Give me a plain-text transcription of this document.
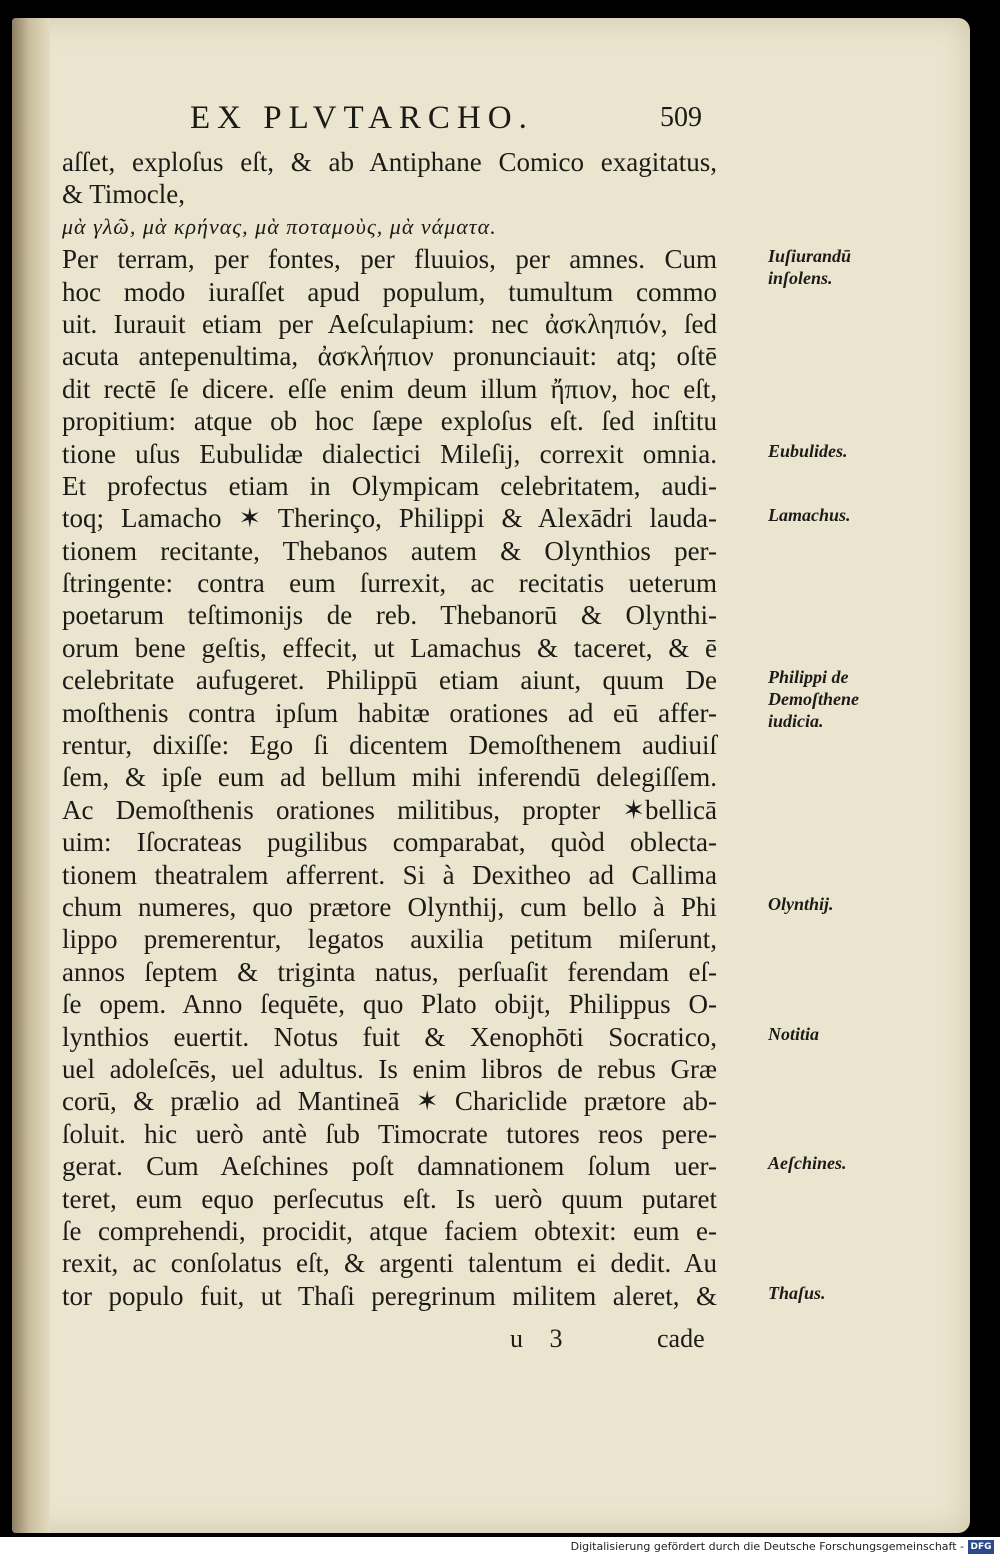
EX PLVTARCHO.	509
aſſet, exploſus eſt, & ab Antiphane Comico exagitatus,
& Timocle,
μὰ γλῶ, μὰ κρήνας, μὰ ποταμοὺς, μὰ νάματα.
Per terram, per fontes, per fluuios, per amnes. Cum
hoc modo iuraſſet apud populum, tumultum commo
uit. Iurauit etiam per Aeſculapium: nec ἀσκληπιόν, ſed
acuta antepenultima, ἀσκλήπιον pronunciauit: atq; oſtē
dit rectē ſe dicere. eſſe enim deum illum ἤπιον, hoc eſt,
propitium: atque ob hoc ſæpe exploſus eſt. ſed inſtitu
tione uſus Eubulidæ dialectici Mileſij, correxit omnia.
Et profectus etiam in Olympicam celebritatem, audi-
toq; Lamacho ✶ Therinço, Philippi & Alexādri lauda-
tionem recitante, Thebanos autem & Olynthios per-
ſtringente: contra eum ſurrexit, ac recitatis ueterum
poetarum teſtimonijs de reb. Thebanorū & Olynthi-
orum bene geſtis, effecit, ut Lamachus & taceret, & ē
celebritate aufugeret. Philippū etiam aiunt, quum De
moſthenis contra ipſum habitæ orationes ad eū affer-
rentur, dixiſſe: Ego ſi dicentem Demoſthenem audiuiſ
ſem, & ipſe eum ad bellum mihi inferendū delegiſſem.
Ac Demoſthenis orationes militibus, propter ✶bellicā
uim: Iſocrateas pugilibus comparabat, quòd oblecta-
tionem theatralem afferrent. Si à Dexitheo ad Callima
chum numeres, quo prætore Olynthij, cum bello à Phi
lippo premerentur, legatos auxilia petitum miſerunt,
annos ſeptem & triginta natus, perſuaſit ferendam eſ-
ſe opem. Anno ſequēte, quo Plato obijt, Philippus O-
lynthios euertit. Notus fuit & Xenophōti Socratico,
uel adoleſcēs, uel adultus. Is enim libros de rebus Græ
corū, & prælio ad Mantineā ✶ Chariclide prætore ab-
ſoluit. hic uerò antè ſub Timocrate tutores reos pere-
gerat. Cum Aeſchines poſt damnationem ſolum uer-
teret, eum equo perſecutus eſt. Is uerò quum putaret
ſe comprehendi, procidit, atque faciem obtexit: eum e-
rexit, ac conſolatus eſt, & argenti talentum ei dedit. Au
tor populo fuit, ut Thaſi peregrinum militem aleret, &
Iuſiurandū
inſolens.
Eubulides.
Lamachus.
Philippi de
Demoſthene
iudicia.
Olynthij.
Notitia
Aeſchines.
Thaſus.
u 3	cade
Digitalisierung gefördert durch die Deutsche Forschungsgemeinschaft - DFG
